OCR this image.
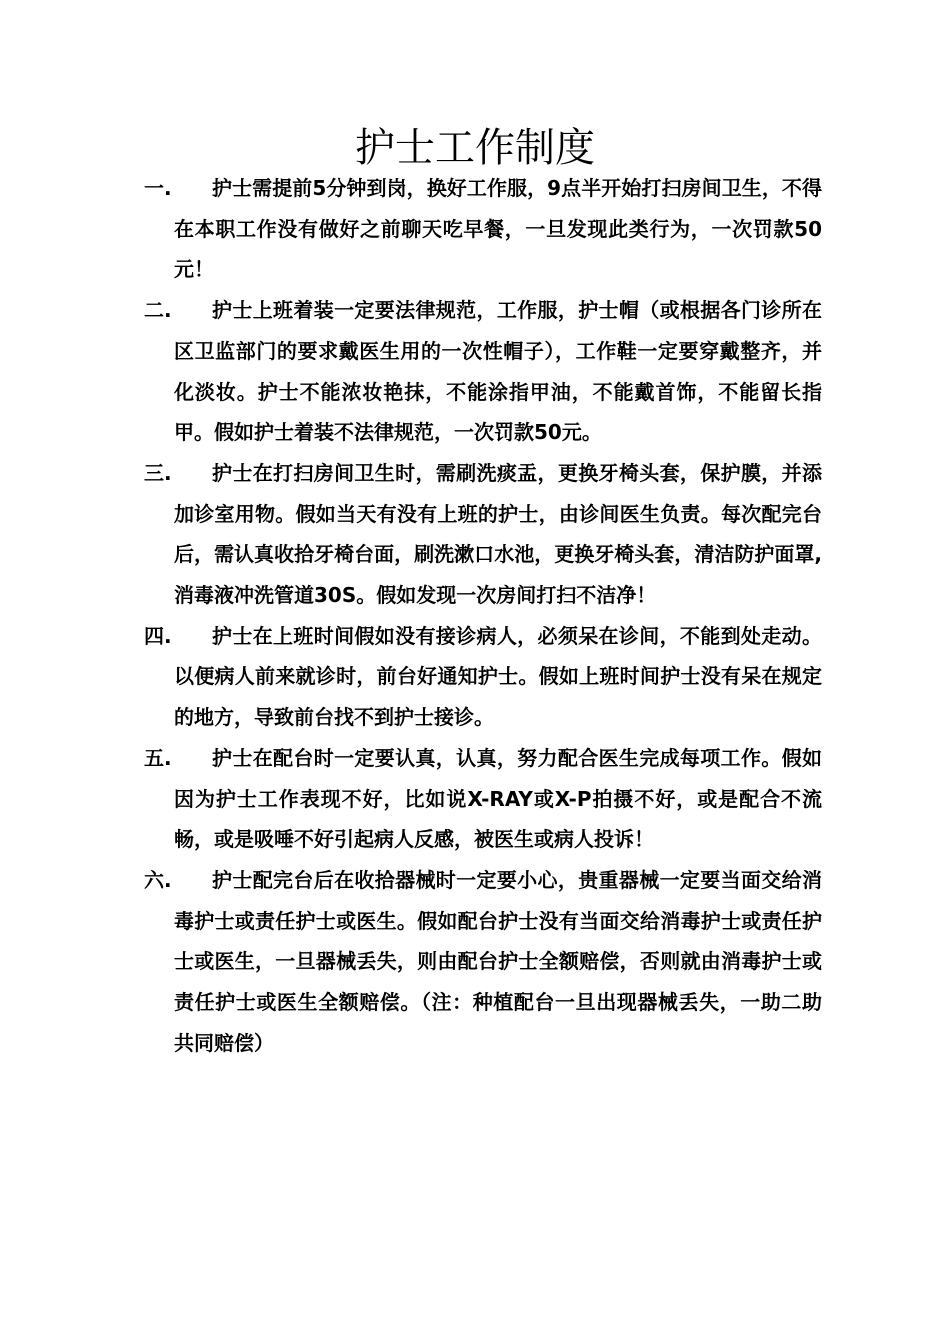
护士工作制度
一.	护士需提前5分钟到岗，换好工作服，9点半开始打扫房间卫生，不得在本职工作没有做好之前聊天吃早餐，一旦发现此类行为，一次罚款50元！
二.	护士上班着装一定要法律规范，工作服，护士帽（或根据各门诊所在区卫监部门的要求戴医生用的一次性帽子），工作鞋一定要穿戴整齐，并化淡妆。护士不能浓妆艳抹，不能涂指甲油，不能戴首饰，不能留长指甲。假如护士着装不法律规范，一次罚款50元。
三.	护士在打扫房间卫生时，需刷洗痰盂，更换牙椅头套，保护膜，并添加诊室用物。假如当天有没有上班的护士，由诊间医生负责。每次配完台后，需认真收拾牙椅台面，刷洗漱口水池，更换牙椅头套，清洁防护面罩,消毒液冲洗管道30S。假如发现一次房间打扫不洁净！
四.	护士在上班时间假如没有接诊病人，必须呆在诊间，不能到处走动。以便病人前来就诊时，前台好通知护士。假如上班时间护士没有呆在规定的地方，导致前台找不到护士接诊。
五.	护士在配台时一定要认真，认真，努力配合医生完成每项工作。假如因为护士工作表现不好，比如说X-RAY或X-P拍摄不好，或是配合不流畅，或是吸唾不好引起病人反感，被医生或病人投诉！
六.	护士配完台后在收拾器械时一定要小心，贵重器械一定要当面交给消毒护士或责任护士或医生。假如配台护士没有当面交给消毒护士或责任护士或医生，一旦器械丢失，则由配台护士全额赔偿，否则就由消毒护士或责任护士或医生全额赔偿。（注：种植配台一旦出现器械丢失，一助二助共同赔偿）
